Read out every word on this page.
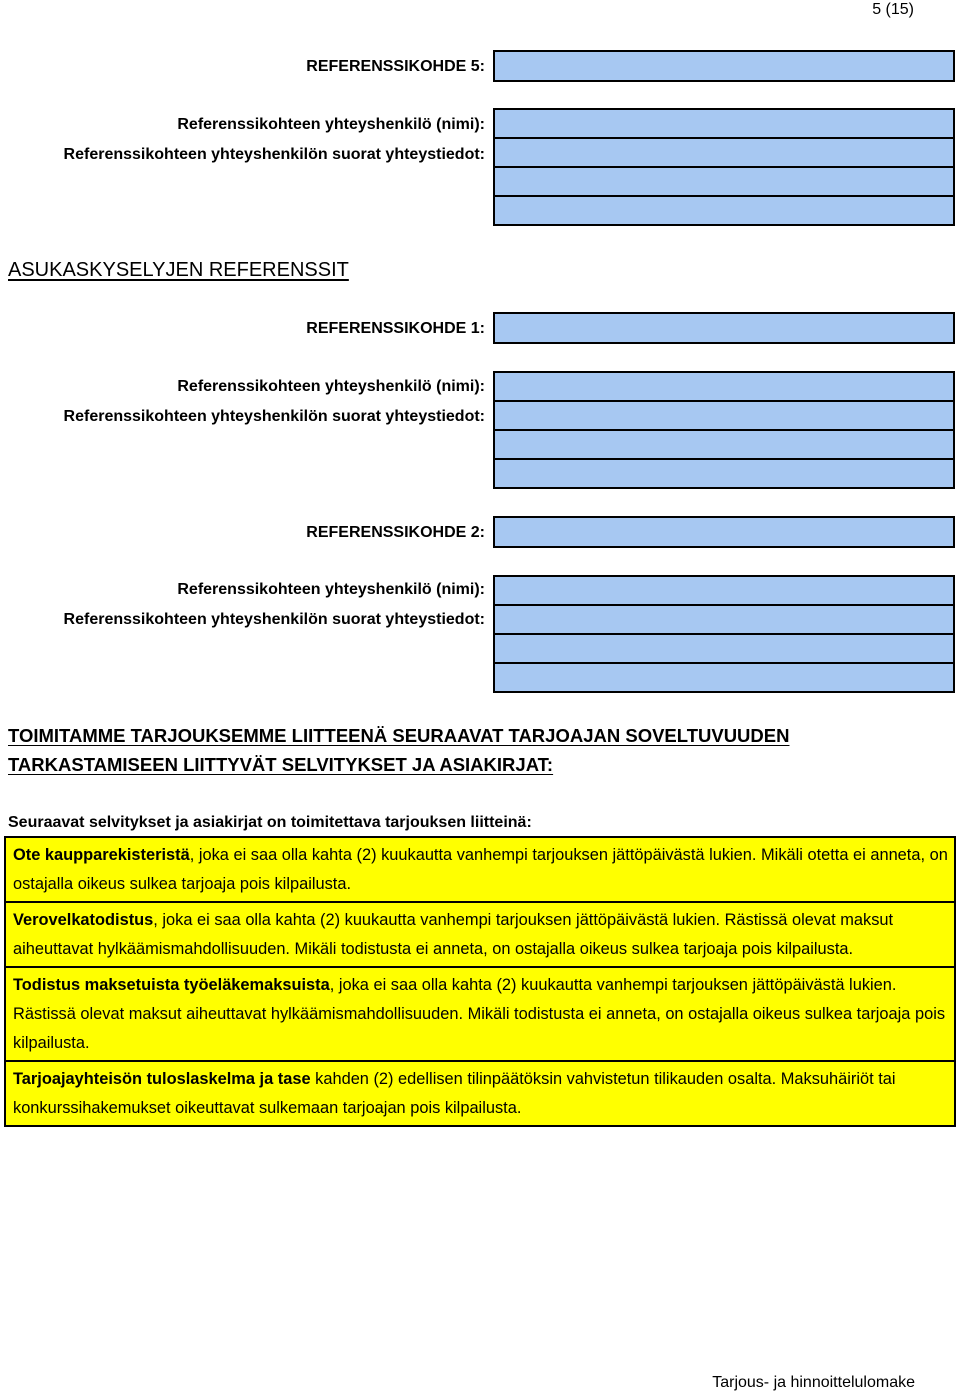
5 (15)
REFERENSSIKOHDE 5:
Referenssikohteen yhteyshenkilö (nimi):
Referenssikohteen yhteyshenkilön suorat yhteystiedot:
ASUKASKYSELYJEN REFERENSSIT
REFERENSSIKOHDE 1:
Referenssikohteen yhteyshenkilö (nimi):
Referenssikohteen yhteyshenkilön suorat yhteystiedot:
REFERENSSIKOHDE 2:
Referenssikohteen yhteyshenkilö (nimi):
Referenssikohteen yhteyshenkilön suorat yhteystiedot:
TOIMITAMME TARJOUKSEMME LIITTEENÄ SEURAAVAT TARJOAJAN SOVELTUVUUDEN
TARKASTAMISEEN LIITTYVÄT SELVITYKSET JA ASIAKIRJAT:
Seuraavat selvitykset ja asiakirjat on toimitettava tarjouksen liitteinä:
Ote kaupparekisteristä, joka ei saa olla kahta (2) kuukautta vanhempi tarjouksen jättöpäivästä lukien. Mikäli otetta ei anneta, on ostajalla oikeus sulkea tarjoaja pois kilpailusta.
Verovelkatodistus, joka ei saa olla kahta (2) kuukautta vanhempi tarjouksen jättöpäivästä lukien. Rästissä olevat maksut aiheuttavat hylkäämismahdollisuuden. Mikäli todistusta ei anneta, on ostajalla oikeus sulkea tarjoaja pois kilpailusta.
Todistus maksetuista työeläkemaksuista, joka ei saa olla kahta (2) kuukautta vanhempi tarjouksen jättöpäivästä lukien. Rästissä olevat maksut aiheuttavat hylkäämismahdollisuuden. Mikäli todistusta ei anneta, on ostajalla oikeus sulkea tarjoaja pois kilpailusta.
Tarjoajayhteisön tuloslaskelma ja tase kahden (2) edellisen tilinpäätöksin vahvistetun tilikauden osalta. Maksuhäiriöt tai konkurssihakemukset oikeuttavat sulkemaan tarjoajan pois kilpailusta.
Tarjous- ja hinnoittelulomake
